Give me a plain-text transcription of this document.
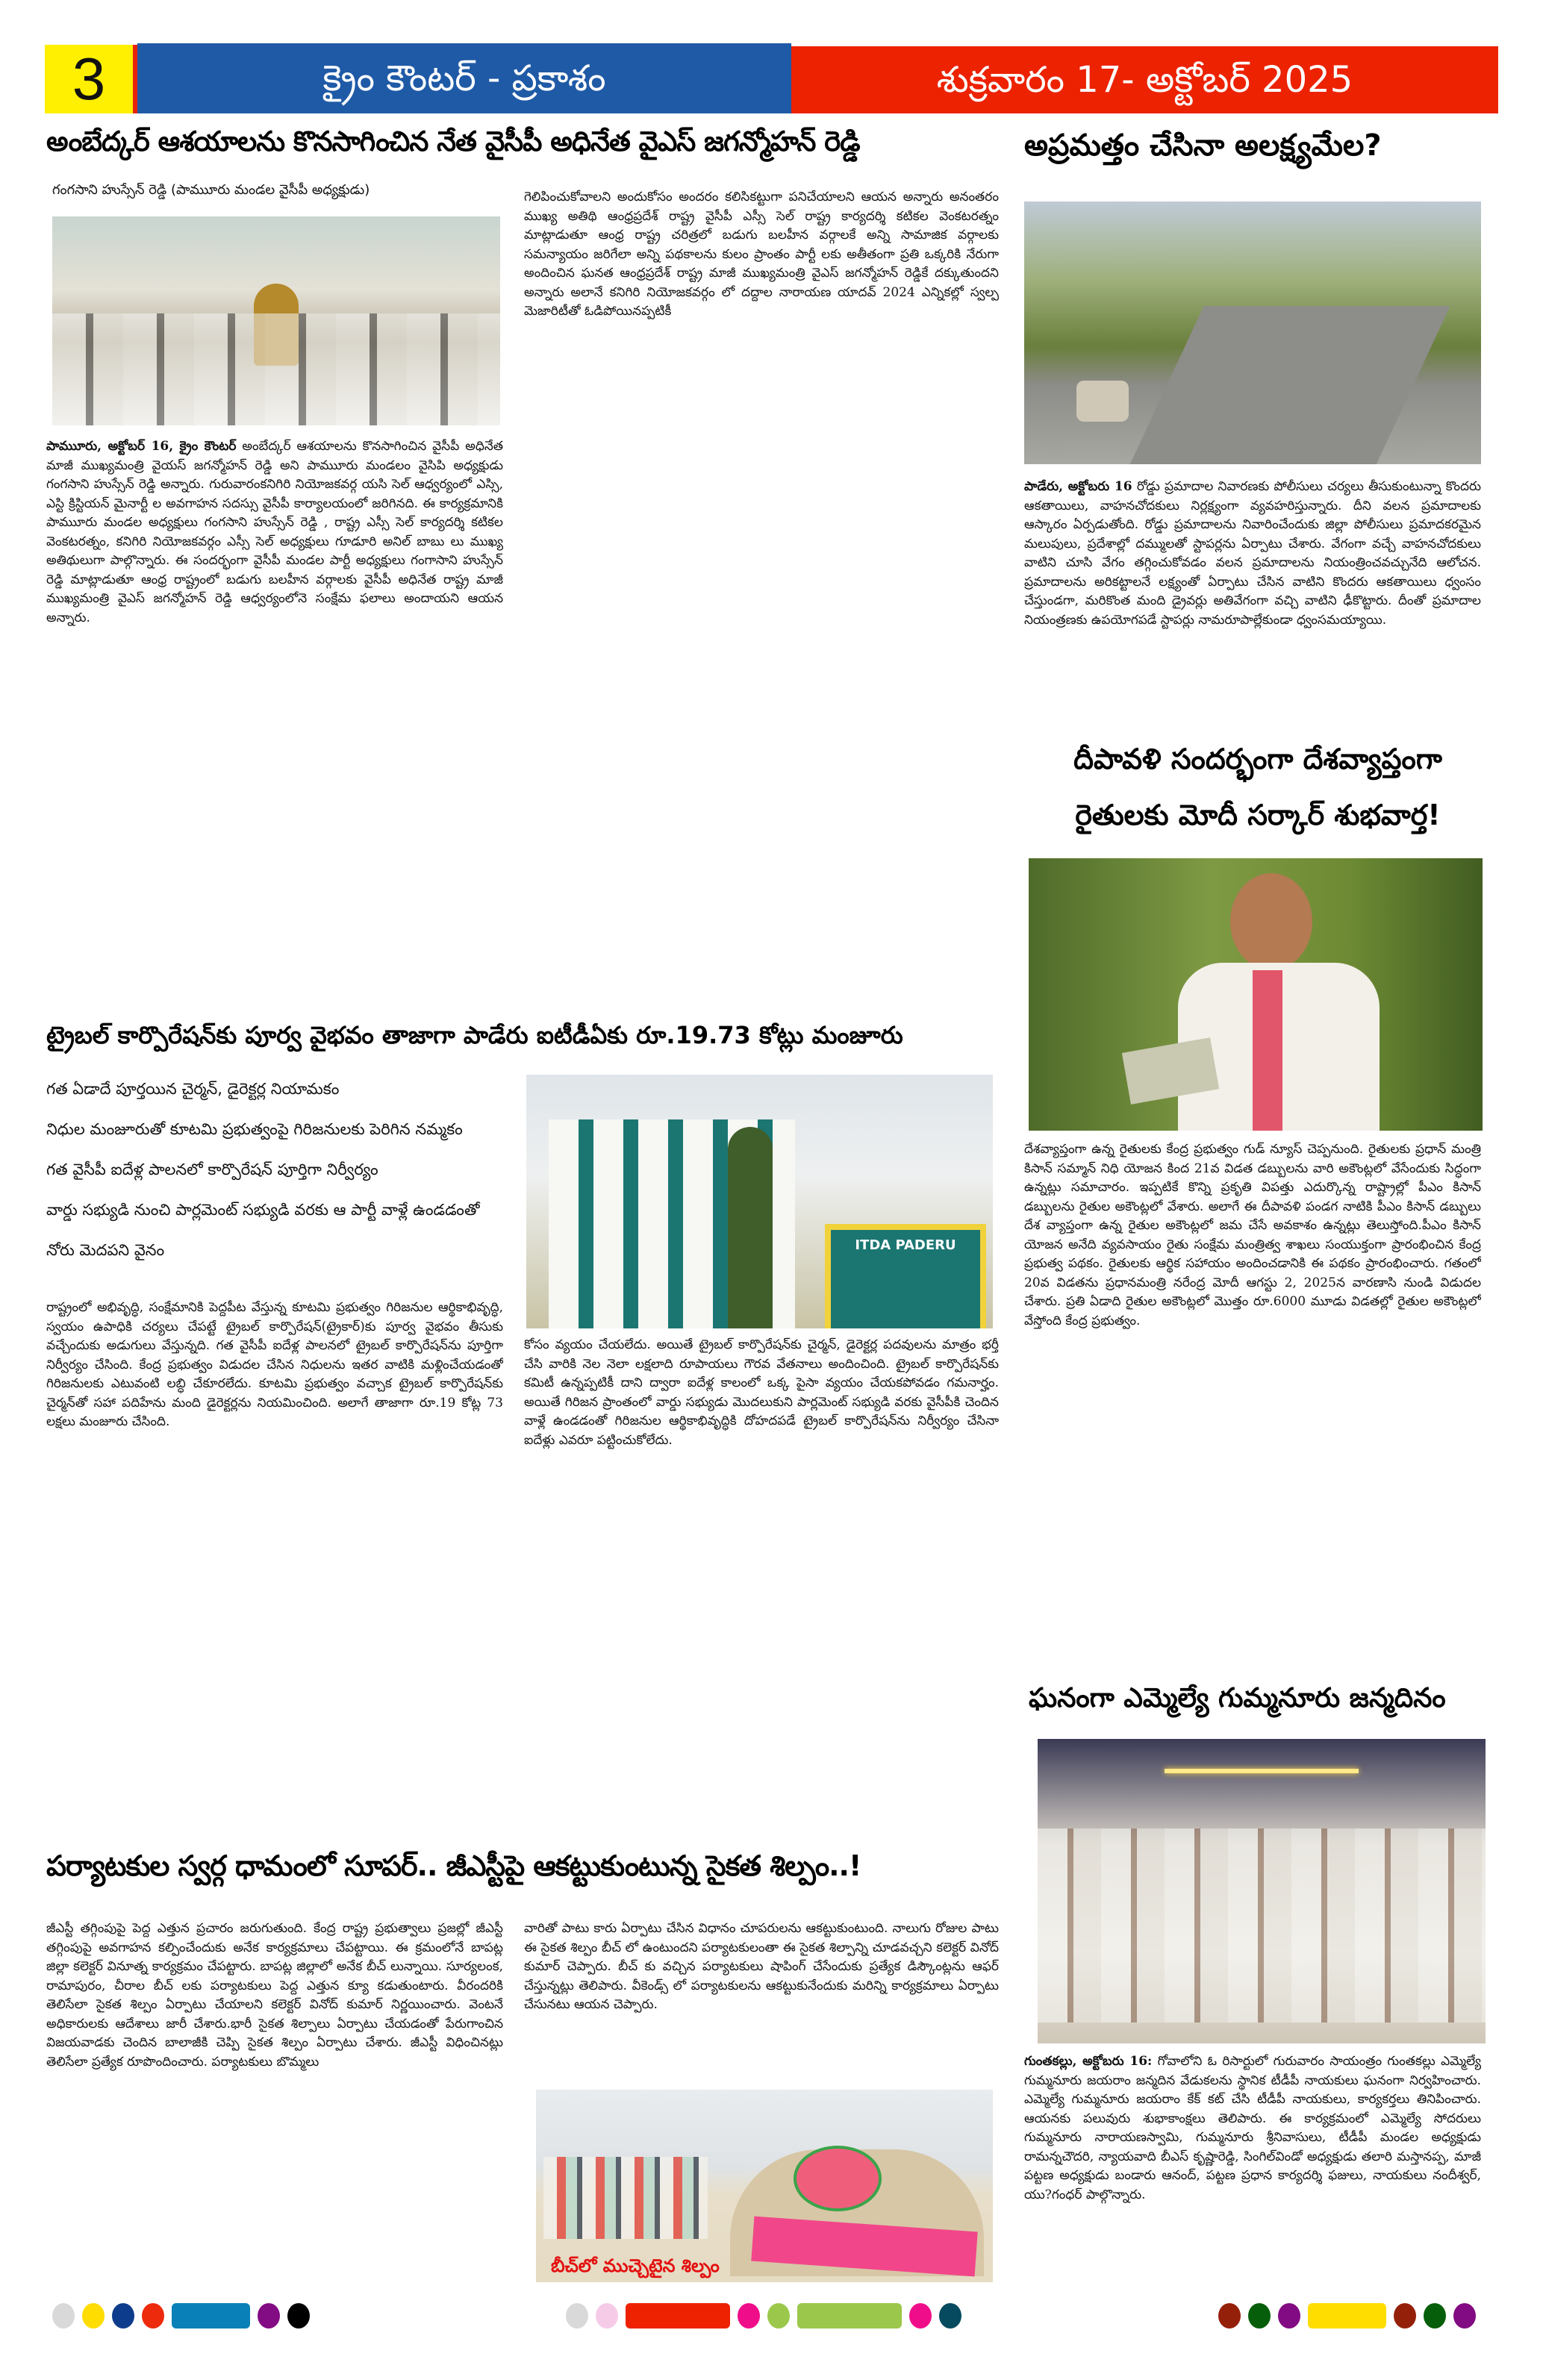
3	క్రైం కౌంటర్ - ప్రకాశం	శుక్రవారం 17- అక్టోబర్ 2025
అంబేద్కర్ ఆశయాలను కొనసాగించిన నేత వైసీపీ అధినేత వైఎస్ జగన్మోహన్ రెడ్డి
గంగసాని హుస్సేన్ రెడ్డి (పాముూరు మండల వైసీపీ అధ్యక్షుడు)
పాముూరు, అక్టోబర్ 16, క్రైం కౌంటర్ అంబేద్కర్ ఆశయాలను కొనసాగించిన వైసీపీ అధినేత మాజీ ముఖ్యమంత్రి వైయస్ జగన్మోహన్ రెడ్డి అని పాముూరు మండలం వైసిపి అధ్యక్షుడు గంగసాని హుస్సేన్ రెడ్డి అన్నారు. గురువారంకనిగిరి నియోజకవర్గ యసి సెల్ ఆధ్వర్యంలో ఎస్సి, ఎస్టి క్రిస్టియన్ మైనార్టీ ల అవగాహన సదస్సు వైసీపీ కార్యాలయంలో జరిగినది. ఈ కార్యక్రమానికి పాముూరు మండల అధ్యక్షులు గంగసాని హుస్సేన్ రెడ్డి , రాష్ట్ర ఎస్సీ సెల్ కార్యదర్శి కటికల వెంకటరత్నం, కనిగిరి నియోజకవర్గం ఎస్సీ సెల్ అధ్యక్షులు గూడూరి అనిల్ బాబు లు ముఖ్య అతిథులుగా పాల్గొన్నారు. ఈ సందర్భంగా వైసీపీ మండల పార్టీ అధ్యక్షులు గంగాసాని హుస్సేన్ రెడ్డి మాట్లాడుతూ ఆంధ్ర రాష్ట్రంలో బడుగు బలహీన వర్గాలకు వైసీపీ అధినేత రాష్ట్ర మాజీ ముఖ్యమంత్రి వైఎస్ జగన్మోహన్ రెడ్డి ఆధ్వర్యంలోనె సంక్షేమ ఫలాలు అందాయని ఆయన అన్నారు.
గెలిపించుకోవాలని అందుకోసం అందరం కలిసికట్టుగా పనిచేయాలని ఆయన అన్నారు అనంతరం ముఖ్య అతిథి ఆంధ్రప్రదేశ్ రాష్ట్ర వైసీపీ ఎస్సీ సెల్ రాష్ట్ర కార్యదర్శి కటికల వెంకటరత్నం మాట్లాడుతూ ఆంధ్ర రాష్ట్ర చరిత్రలో బడుగు బలహీన వర్గాలకే అన్ని సామాజిక వర్గాలకు సమన్యాయం జరిగేలా అన్ని పథకాలను కులం ప్రాంతం పార్టీ లకు అతీతంగా ప్రతి ఒక్కరికి నేరుగా అందించిన ఘనత ఆంధ్రప్రదేశ్ రాష్ట్ర మాజీ ముఖ్యమంత్రి వైఎస్ జగన్మోహన్ రెడ్డికే దక్కుతుందని అన్నారు అలానే కనిగిరి నియోజకవర్గం లో దద్దాల నారాయణ యాదవ్ 2024 ఎన్నికల్లో స్వల్ప మెజారిటీతో ఓడిపోయినప్పటికీ
అప్రమత్తం చేసినా అలక్ష్యమేల?
పాడేరు, అక్టోబరు 16 రోడ్డు ప్రమాదాల నివారణకు పోలీసులు చర్యలు తీసుకుంటున్నా కొందరు ఆకతాయిలు, వాహనచోదకులు నిర్లక్ష్యంగా వ్యవహరిస్తున్నారు. దీని వలన ప్రమాదాలకు ఆస్కారం ఏర్పడుతోంది. రోడ్డు ప్రమాదాలను నివారించేందుకు జిల్లా పోలీసులు ప్రమాదకరమైన మలుపులు, ప్రదేశాల్లో దమ్ములతో స్టాపర్లను ఏర్పాటు చేశారు. వేగంగా వచ్చే వాహనచోదకులు వాటిని చూసి వేగం తగ్గించుకోవడం వలన ప్రమాదాలను నియంత్రించవచ్చునేది ఆలోచన. ప్రమాదాలను అరికట్టాలనే లక్ష్యంతో ఏర్పాటు చేసిన వాటిని కొందరు ఆకతాయిలు ధ్వంసం చేస్తుండగా, మరికొంత మంది డ్రైవర్లు అతివేగంగా వచ్చి వాటిని ఢీకొట్టారు. దీంతో ప్రమాదాల నియంత్రణకు ఉపయోగపడే స్టాపర్లు నామరూపాల్లేకుండా ధ్వంసమయ్యాయి.
దీపావళి సందర్భంగా దేశవ్యాప్తంగా
రైతులకు మోదీ సర్కార్ శుభవార్త!
దేశవ్యాప్తంగా ఉన్న రైతులకు కేంద్ర ప్రభుత్వం గుడ్ న్యూస్ చెప్పనుంది. రైతులకు ప్రధాన్ మంత్రి కిసాన్ సమ్మాన్ నిధి యోజన కింద 21వ విడత డబ్బులను వారి అకౌంట్లలో వేసేందుకు సిద్ధంగా ఉన్నట్లు సమాచారం. ఇప్పటికే కొన్ని ప్రకృతి విపత్తు ఎదుర్కొన్న రాష్ట్రాల్లో పీఎం కిసాన్ డబ్బులను రైతుల అకౌంట్లలో వేశారు. అలాగే ఈ దీపావళి పండగ నాటికి పీఎం కిసాన్ డబ్బులు దేశ వ్యాప్తంగా ఉన్న రైతుల అకౌంట్లలో జమ చేసే అవకాశం ఉన్నట్లు తెలుస్తోంది.పీఎం కిసాన్ యోజన అనేది వ్యవసాయం రైతు సంక్షేమ మంత్రిత్వ శాఖలు సంయుక్తంగా ప్రారంభించిన కేంద్ర ప్రభుత్వ పథకం. రైతులకు ఆర్థిక సహాయం అందించడానికి ఈ పథకం ప్రారంభించారు. గతంలో 20వ విడతను ప్రధానమంత్రి నరేంద్ర మోదీ ఆగస్టు 2, 2025న వారణాసి నుండి విడుదల చేశారు. ప్రతి ఏడాది రైతుల అకౌంట్లలో మొత్తం రూ.6000 మూడు విడతల్లో రైతుల అకౌంట్లలో వేస్తోంది కేంద్ర ప్రభుత్వం.
ఘనంగా ఎమ్మెల్యే గుమ్మనూరు జన్మదినం
గుంతకల్లు, అక్టోబరు 16: గోవాలోని ఓ రిసార్టులో గురువారం సాయంత్రం గుంతకల్లు ఎమ్మెల్యే గుమ్మనూరు జయరాం జన్మదిన వేడుకలను స్థానిక టీడీపీ నాయకులు ఘనంగా నిర్వహించారు. ఎమ్మెల్యే గుమ్మనూరు జయరాం కేక్ కట్ చేసి టీడీపీ నాయకులు, కార్యకర్తలు తినిపించారు. ఆయనకు పలువురు శుభాకాంక్షలు తెలిపారు. ఈ కార్యక్రమంలో ఎమ్మెల్యే సోదరులు గుమ్మనూరు నారాయణస్వామి, గుమ్మనూరు శ్రీనివాసులు, టీడీపీ మండల అధ్యక్షుడు రామన్నచౌదరి, న్యాయవాది బీఎస్ కృష్ణారెడ్డి, సింగిల్‌విండో అధ్యక్షుడు తలారి మస్తానప్ప, మాజీ పట్టణ అధ్యక్షుడు బండారు ఆనంద్, పట్టణ ప్రధాన కార్యదర్శి ఫజులు, నాయకులు నందీశ్వర్, యు?గంధర్ పాల్గొన్నారు.
ట్రైబల్ కార్పొరేషన్‌కు పూర్వ వైభవం తాజాగా పాడేరు ఐటీడీఏకు రూ.19.73 కోట్లు మంజూరు
గత ఏడాదే పూర్తయిన చైర్మన్, డైరెక్టర్ల నియామకం
నిధుల మంజూరుతో కూటమి ప్రభుత్వంపై గిరిజనులకు పెరిగిన నమ్మకం
గత వైసీపీ ఐదేళ్ల పాలనలో కార్పొరేషన్ పూర్తిగా నిర్వీర్యం
వార్డు సభ్యుడి నుంచి పార్లమెంట్ సభ్యుడి వరకు ఆ పార్టీ వాళ్లే ఉండడంతో నోరు మెదపని వైనం	ITDA PADERU
రాష్ట్రంలో అభివృద్ధి, సంక్షేమానికి పెద్దపీట వేస్తున్న కూటమి ప్రభుత్వం గిరిజనుల ఆర్థికాభివృద్ధి, స్వయం ఉపాధికి చర్యలు చేపట్టే ట్రైబల్ కార్పొరేషన్(ట్రైకార్)కు పూర్వ వైభవం తీసుకు వచ్చేందుకు అడుగులు వేస్తున్నది. గత వైసీపీ ఐదేళ్ల పాలనలో ట్రైబల్ కార్పొరేషన్‌ను పూర్తిగా నిర్వీర్యం చేసింది. కేంద్ర ప్రభుత్వం విడుదల చేసిన నిధులను ఇతర వాటికి మళ్లించేయడంతో గిరిజనులకు ఎటువంటి లబ్ధి చేకూరలేదు. కూటమి ప్రభుత్వం వచ్చాక ట్రైబల్ కార్పొరేషన్‌కు చైర్మన్‌తో సహా పదిహేను మంది డైరెక్టర్లను నియమించింది. అలాగే తాజాగా రూ.19 కోట్ల 73 లక్షలు మంజూరు చేసింది.
కోసం వ్యయం చేయలేదు. అయితే ట్రైబల్ కార్పొరేషన్‌కు చైర్మన్, డైరెక్టర్ల పదవులను మాత్రం భర్తీ చేసి వారికి నెల నెలా లక్షలాది రూపాయలు గౌరవ వేతనాలు అందించింది. ట్రైబల్ కార్పొరేషన్‌కు కమిటీ ఉన్నప్పటికీ దాని ద్వారా ఐదేళ్ల కాలంలో ఒక్క పైసా వ్యయం చేయకపోవడం గమనార్హం. అయితే గిరిజన ప్రాంతంలో వార్డు సభ్యుడు మొదలుకుని పార్లమెంట్ సభ్యుడి వరకు వైసీపీకి చెందిన వాళ్లే ఉండడంతో గిరిజనుల ఆర్థికాభివృద్ధికి దోహదపడే ట్రైబల్ కార్పొరేషన్‌ను నిర్వీర్యం చేసినా ఐదేళ్లు ఎవరూ పట్టించుకోలేదు.
పర్యాటకుల స్వర్గ ధామంలో సూపర్.. జీఎస్టీపై ఆకట్టుకుంటున్న సైకత శిల్పం..!
జీఎస్టీ తగ్గింపుపై పెద్ద ఎత్తున ప్రచారం జరుగుతుంది. కేంద్ర రాష్ట్ర ప్రభుత్వాలు ప్రజల్లో జీఎస్టీ తగ్గింపుపై అవగాహన కల్పించేందుకు అనేక కార్యక్రమాలు చేపట్టాయి. ఈ క్రమంలోనే బాపట్ల జిల్లా కలెక్టర్ వినూత్న కార్యక్రమం చేపట్టారు. బాపట్ల జిల్లాలో అనేక బీచ్ లున్నాయి. సూర్యలంక, రామాపురం, చీరాల బీచ్ లకు పర్యాటకులు పెద్ద ఎత్తున క్యూ కడుతుంటారు. వీరందరికి తెలిసేలా సైకత శిల్పం ఏర్పాటు చేయాలని కలెక్టర్ వినోద్ కుమార్ నిర్ణయించారు. వెంటనే అధికారులకు ఆదేశాలు జారీ చేశారు.భారీ సైకత శిల్పాలు ఏర్పాటు చేయడంతో పేరుగాంచిన విజయవాడకు చెందిన బాలాజీకి చెప్పి సైకత శిల్పం ఏర్పాటు చేశారు. జీఎస్టీ విధించినట్లు తెలిసేలా ప్రత్యేక రూపొందించారు. పర్యాటకులు బొమ్మలు
వారితో పాటు కారు ఏర్పాటు చేసిన విధానం చూపరులను ఆకట్టుకుంటుంది. నాలుగు రోజుల పాటు ఈ సైకత శిల్పం బీచ్ లో ఉంటుందని పర్యాటకులంతా ఈ సైకత శిల్పాన్ని చూడవచ్చని కలెక్టర్ వినోద్ కుమార్ చెప్పారు. బీచ్ కు వచ్చిన పర్యాటకులు షాపింగ్ చేసేందుకు ప్రత్యేక డిస్కౌంట్లను ఆఫర్ చేస్తున్నట్లు తెలిపారు. వీకెండ్స్ లో పర్యాటకులను ఆకట్టుకునేందుకు మరిన్ని కార్యక్రమాలు ఏర్పాటు చేసునటు ఆయన చెప్పారు.
బీచ్‌లో ముచ్చెటైన శిల్పం
